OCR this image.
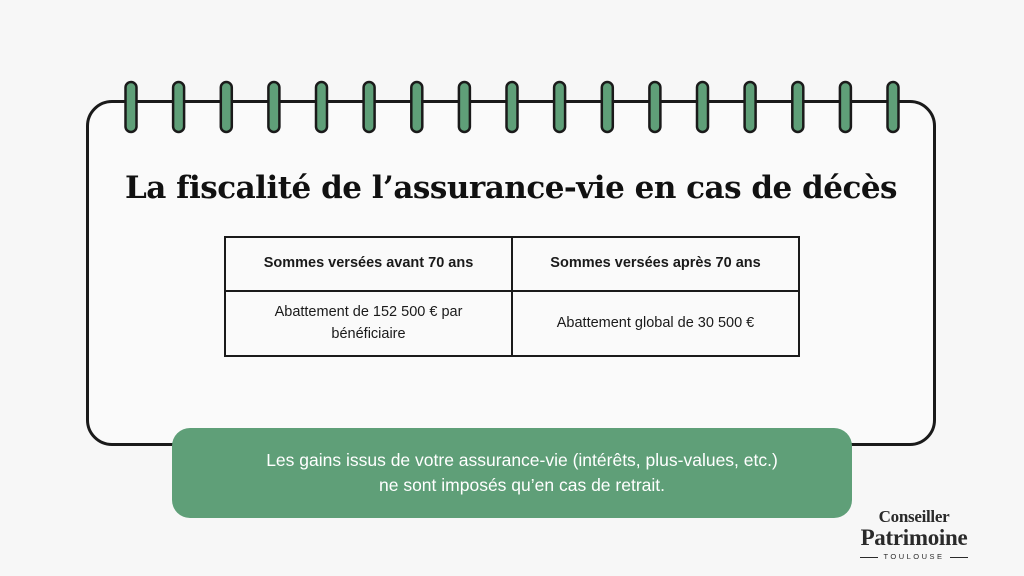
La fiscalité de l’assurance-vie en cas de décès
Sommes versées avant 70 ans	Sommes versées après 70 ans
Abattement de 152 500 € par bénéficiaire	Abattement global de 30 500 €
Les gains issus de votre assurance-vie (intérêts, plus-values, etc.)
ne sont imposés qu’en cas de retrait.
Conseiller
Patrimoine
TOULOUSE
